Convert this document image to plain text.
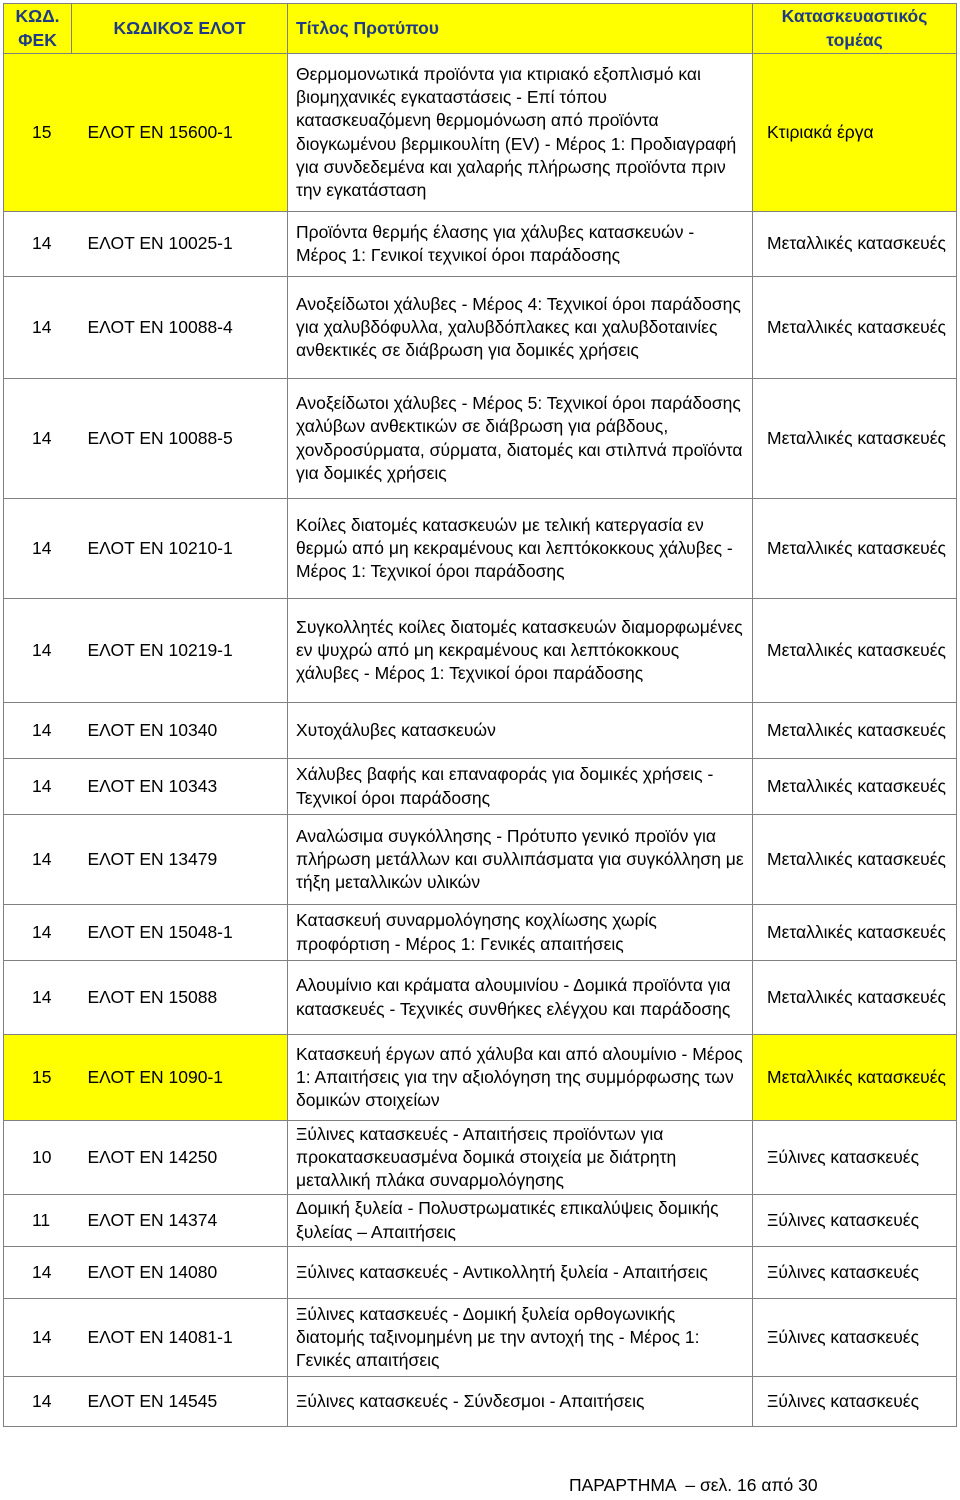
ΚΩΔ.
ΦΕΚ	ΚΩΔΙΚΟΣ ΕΛΟΤ	Τίτλος Προτύπου	Κατασκευαστικός
τομέας
15	ΕΛΟΤ ΕΝ 15600-1	Θερμομονωτικά προϊόντα για κτιριακό εξοπλισμό και βιομηχανικές εγκαταστάσεις - Επί τόπου κατασκευαζόμενη θερμομόνωση από προϊόντα διογκωμένου βερμικουλίτη (EV) - Μέρος 1: Προδιαγραφή για συνδεδεμένα και χαλαρής πλήρωσης προϊόντα πριν την εγκατάσταση	Κτιριακά έργα
14	ΕΛΟΤ ΕΝ 10025-1	Προϊόντα θερμής έλασης για χάλυβες κατασκευών - Μέρος 1: Γενικοί τεχνικοί όροι παράδοσης	Μεταλλικές κατασκευές
14	ΕΛΟΤ ΕΝ 10088-4	Ανοξείδωτοι χάλυβες - Μέρος 4: Τεχνικοί όροι παράδοσης για χαλυβδόφυλλα, χαλυβδόπλακες και χαλυβδοταινίες ανθεκτικές σε διάβρωση για δομικές χρήσεις	Μεταλλικές κατασκευές
14	ΕΛΟΤ ΕΝ 10088-5	Ανοξείδωτοι χάλυβες - Μέρος 5: Τεχνικοί όροι παράδοσης χαλύβων ανθεκτικών σε διάβρωση για ράβδους, χονδροσύρματα, σύρματα, διατομές και στιλπνά προϊόντα για δομικές χρήσεις	Μεταλλικές κατασκευές
14	ΕΛΟΤ ΕΝ 10210-1	Κοίλες διατομές κατασκευών με τελική κατεργασία εν θερμώ από μη κεκραμένους και λεπτόκοκκους χάλυβες - Μέρος 1: Τεχνικοί όροι παράδοσης	Μεταλλικές κατασκευές
14	ΕΛΟΤ ΕΝ 10219-1	Συγκολλητές κοίλες διατομές κατασκευών διαμορφωμένες εν ψυχρώ από μη κεκραμένους και λεπτόκοκκους χάλυβες - Μέρος 1: Τεχνικοί όροι παράδοσης	Μεταλλικές κατασκευές
14	ΕΛΟΤ ΕΝ 10340	Χυτοχάλυβες κατασκευών	Μεταλλικές κατασκευές
14	ΕΛΟΤ ΕΝ 10343	Χάλυβες βαφής και επαναφοράς για δομικές χρήσεις - Τεχνικοί όροι παράδοσης	Μεταλλικές κατασκευές
14	ΕΛΟΤ ΕΝ 13479	Αναλώσιμα συγκόλλησης - Πρότυπο γενικό προϊόν για πλήρωση μετάλλων και συλλιπάσματα για συγκόλληση με τήξη μεταλλικών υλικών	Μεταλλικές κατασκευές
14	ΕΛΟΤ ΕΝ 15048-1	Κατασκευή συναρμολόγησης κοχλίωσης χωρίς προφόρτιση - Μέρος 1: Γενικές απαιτήσεις	Μεταλλικές κατασκευές
14	ΕΛΟΤ ΕΝ 15088	Αλουμίνιο και κράματα αλουμινίου - Δομικά προϊόντα για κατασκευές - Τεχνικές συνθήκες ελέγχου και παράδοσης	Μεταλλικές κατασκευές
15	ΕΛΟΤ ΕΝ 1090-1	Κατασκευή έργων από χάλυβα και από αλουμίνιο - Μέρος 1: Απαιτήσεις για την αξιολόγηση της συμμόρφωσης των δομικών στοιχείων	Μεταλλικές κατασκευές
10	ΕΛΟΤ ΕΝ 14250	Ξύλινες κατασκευές - Απαιτήσεις προϊόντων για προκατασκευασμένα δομικά στοιχεία με διάτρητη μεταλλική πλάκα συναρμολόγησης	Ξύλινες κατασκευές
11	ΕΛΟΤ ΕΝ 14374	Δομική ξυλεία - Πολυστρωματικές επικαλύψεις δομικής ξυλείας – Απαιτήσεις	Ξύλινες κατασκευές
14	ΕΛΟΤ ΕΝ 14080	Ξύλινες κατασκευές - Αντικολλητή ξυλεία - Απαιτήσεις	Ξύλινες κατασκευές
14	ΕΛΟΤ ΕΝ 14081-1	Ξύλινες κατασκευές - Δομική ξυλεία ορθογωνικής διατομής ταξινομημένη με την αντοχή της - Μέρος 1: Γενικές απαιτήσεις	Ξύλινες κατασκευές
14	ΕΛΟΤ ΕΝ 14545	Ξύλινες κατασκευές - Σύνδεσμοι - Απαιτήσεις	Ξύλινες κατασκευές
ΠΑΡΑΡΤΗΜΑ  – σελ. 16 από 30
